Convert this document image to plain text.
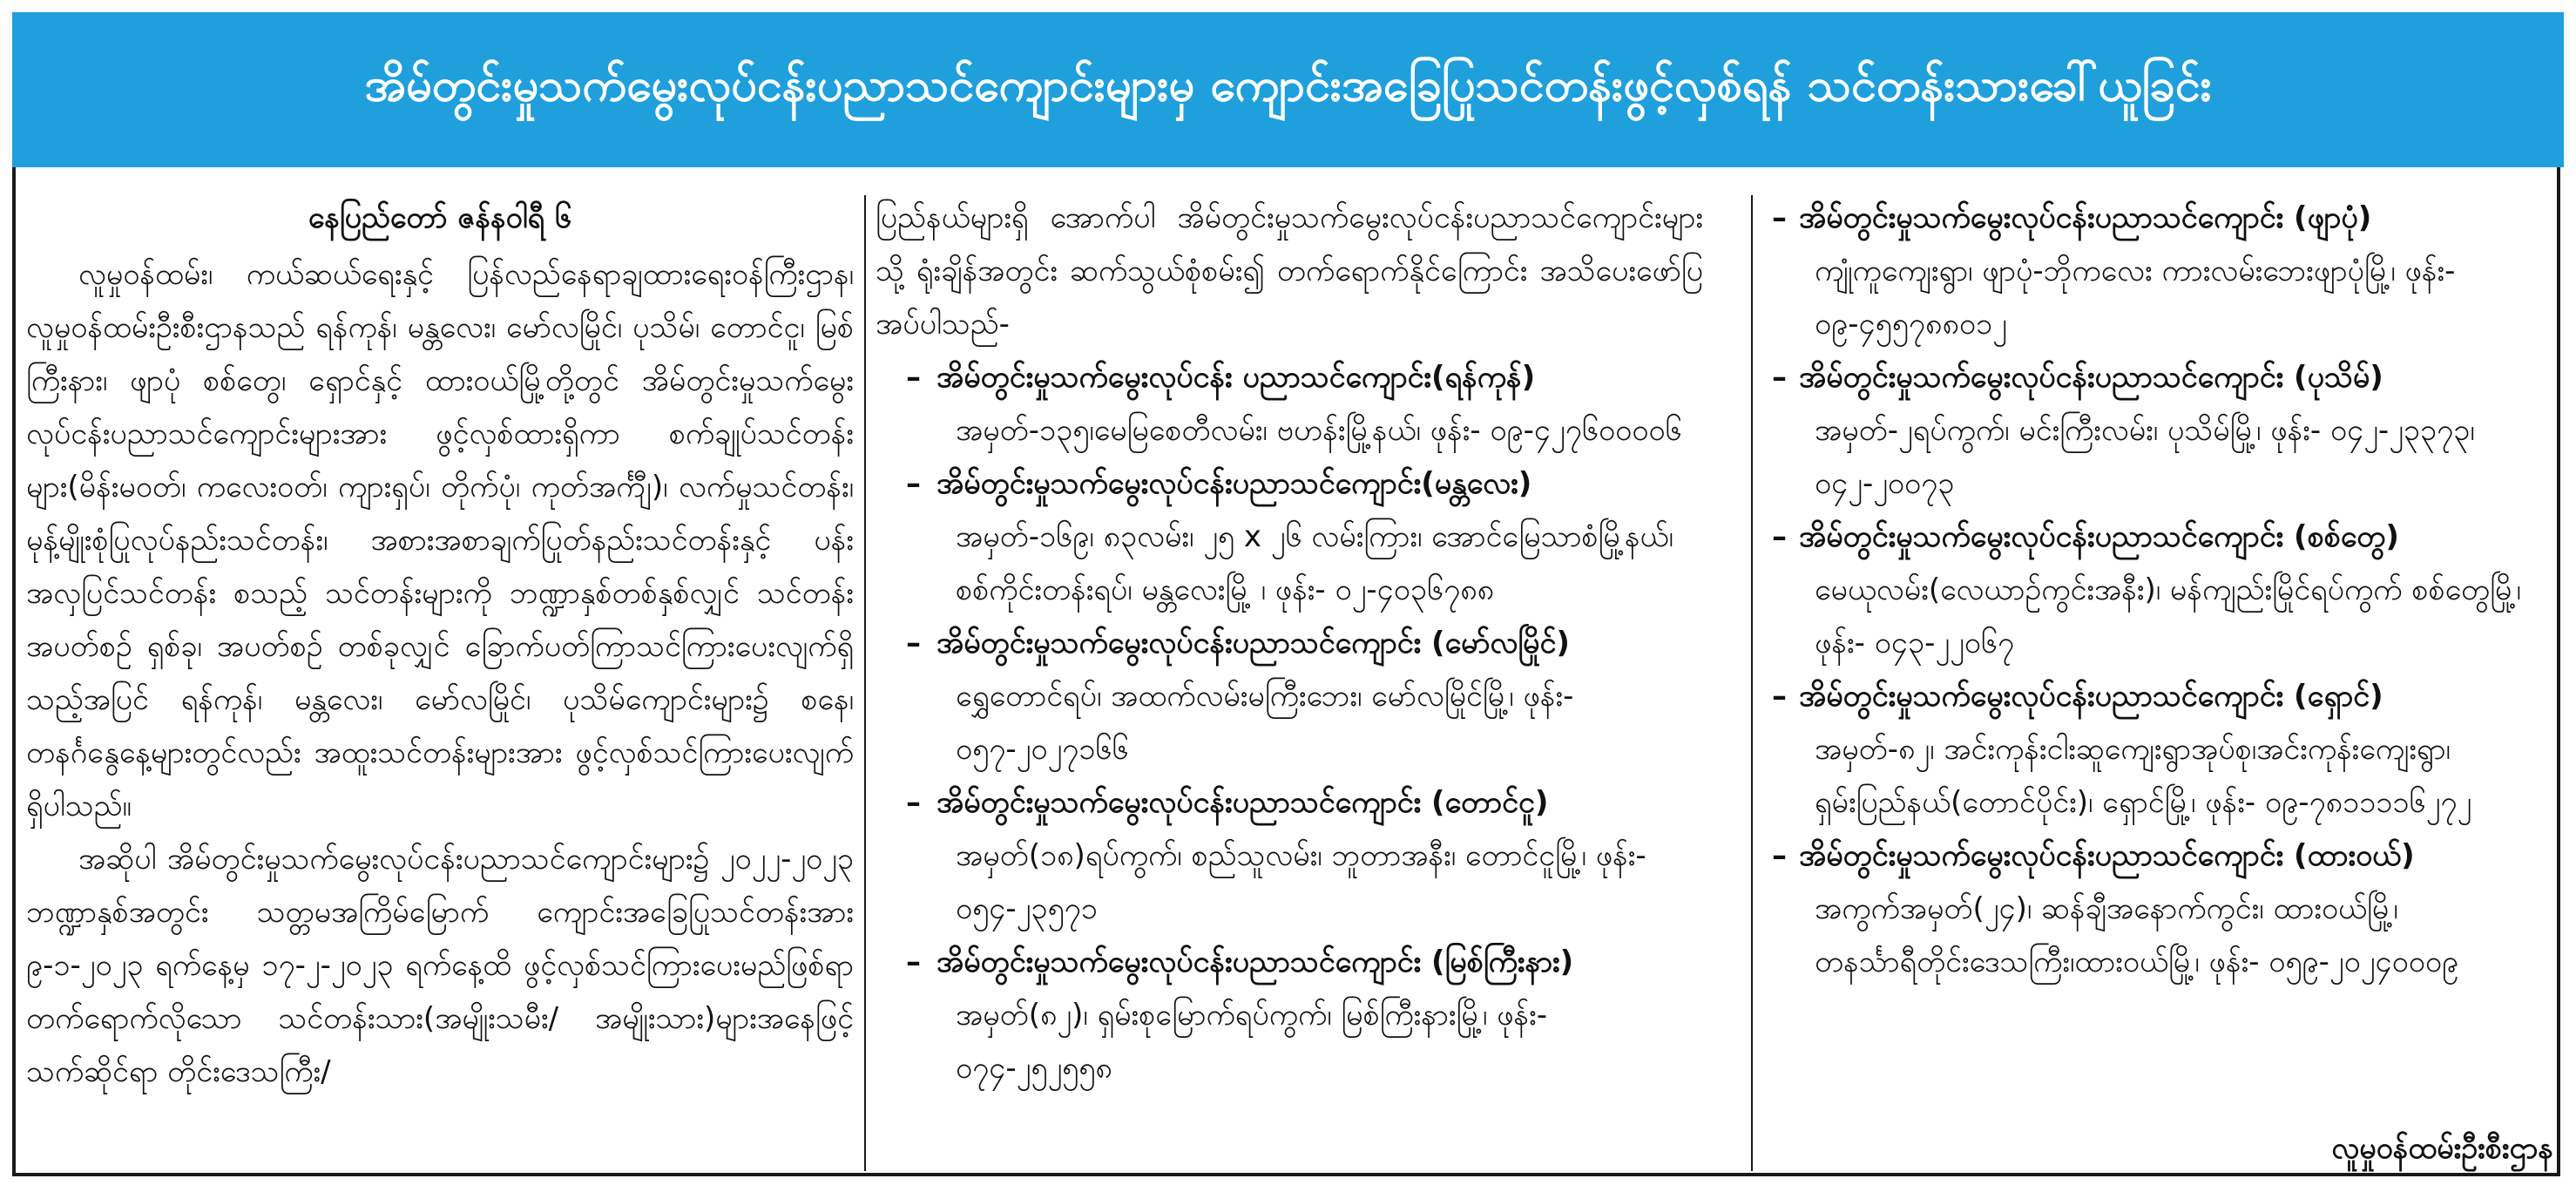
အိမ်တွင်းမှုသက်မွေးလုပ်ငန်းပညာသင်ကျောင်းများမှ ကျောင်းအခြေပြုသင်တန်းဖွင့်လှစ်ရန် သင်တန်းသားခေါ်ယူခြင်း
နေပြည်တော် ဇန်နဝါရီ ၆
လူမှုဝန်ထမ်း၊ ကယ်ဆယ်ရေးနှင့် ပြန်လည်နေရာချထားရေးဝန်ကြီးဌာန၊ လူမှုဝန်ထမ်းဦးစီးဌာနသည် ရန်ကုန်၊ မန္တလေး၊ မော်လမြိုင်၊ ပုသိမ်၊ တောင်ငူ၊ မြစ်ကြီးနား၊ ဖျာပုံ စစ်တွေ၊ ရှောင်နှင့် ထားဝယ်မြို့တို့တွင် အိမ်တွင်းမှုသက်မွေးလုပ်ငန်းပညာသင်ကျောင်းများအား ဖွင့်လှစ်ထားရှိကာ စက်ချုပ်သင်တန်းများ(မိန်းမဝတ်၊ ကလေးဝတ်၊ ကျားရှပ်၊ တိုက်ပုံ၊ ကုတ်အင်္ကျီ)၊ လက်မှုသင်တန်း၊ မုန့်မျိုးစုံပြုလုပ်နည်းသင်တန်း၊ အစားအစာချက်ပြုတ်နည်းသင်တန်းနှင့် ပန်းအလှပြင်သင်တန်း စသည့် သင်တန်းများကို ဘဏ္ဍာနှစ်တစ်နှစ်လျှင် သင်တန်းအပတ်စဉ် ရှစ်ခု၊ အပတ်စဉ် တစ်ခုလျှင် ခြောက်ပတ်ကြာသင်ကြားပေးလျက်ရှိသည့်အပြင် ရန်ကုန်၊ မန္တလေး၊ မော်လမြိုင်၊ ပုသိမ်ကျောင်းများ၌ စနေ၊ တနင်္ဂနွေနေ့များတွင်လည်း အထူးသင်တန်းများအား ဖွင့်လှစ်သင်ကြားပေးလျက်ရှိပါသည်။
အဆိုပါ အိမ်တွင်းမှုသက်မွေးလုပ်ငန်းပညာသင်ကျောင်းများ၌ ၂၀၂၂-၂၀၂၃ ဘဏ္ဍာနှစ်အတွင်း သတ္တမအကြိမ်မြောက် ကျောင်းအခြေပြုသင်တန်းအား ၉-၁-၂၀၂၃ ရက်နေ့မှ ၁၇-၂-၂၀၂၃ ရက်နေ့ထိ ဖွင့်လှစ်သင်ကြားပေးမည်ဖြစ်ရာ တက်ရောက်လိုသော သင်တန်းသား(အမျိုးသမီး/ အမျိုးသား)များအနေဖြင့် သက်ဆိုင်ရာ တိုင်းဒေသကြီး/
ပြည်နယ်များရှိ အောက်ပါ အိမ်တွင်းမှုသက်မွေးလုပ်ငန်းပညာသင်ကျောင်းများသို့ ရုံးချိန်အတွင်း ဆက်သွယ်စုံစမ်း၍ တက်ရောက်နိုင်ကြောင်း အသိပေးဖော်ပြအပ်ပါသည်-
– အိမ်တွင်းမှုသက်မွေးလုပ်ငန်း ပညာသင်ကျောင်း(ရန်ကုန်)
အမှတ်-၁၃၅၊မေမြစေတီလမ်း၊ ဗဟန်းမြို့နယ်၊ ဖုန်း- ၀၉-၄၂၇၆၀၀၀၀၆
– အိမ်တွင်းမှုသက်မွေးလုပ်ငန်းပညာသင်ကျောင်း(မန္တလေး)
အမှတ်-၁၆၉၊ ၈၃လမ်း၊ ၂၅ x ၂၆ လမ်းကြား၊ အောင်မြေသာစံမြို့နယ်၊ စစ်ကိုင်းတန်းရပ်၊ မန္တလေးမြို့ ၊ ဖုန်း- ၀၂-၄၀၃၆၇၈၈
– အိမ်တွင်းမှုသက်မွေးလုပ်ငန်းပညာသင်ကျောင်း (မော်လမြိုင်)
ရွှေတောင်ရပ်၊ အထက်လမ်းမကြီးဘေး၊ မော်လမြိုင်မြို့၊ ဖုန်း- ၀၅၇-၂၀၂၇၁၆၆
– အိမ်တွင်းမှုသက်မွေးလုပ်ငန်းပညာသင်ကျောင်း (တောင်ငူ)
အမှတ်(၁၈)ရပ်ကွက်၊ စည်သူလမ်း၊ ဘူတာအနီး၊ တောင်ငူမြို့၊ ဖုန်း- ၀၅၄-၂၃၅၇၁
– အိမ်တွင်းမှုသက်မွေးလုပ်ငန်းပညာသင်ကျောင်း (မြစ်ကြီးနား)
အမှတ်(၈၂)၊ ရှမ်းစုမြောက်ရပ်ကွက်၊ မြစ်ကြီးနားမြို့၊ ဖုန်း- ၀၇၄-၂၅၂၅၅၈
– အိမ်တွင်းမှုသက်မွေးလုပ်ငန်းပညာသင်ကျောင်း (ဖျာပုံ)
ကျုံကူကျေးရွာ၊ ဖျာပုံ-ဘိုကလေး ကားလမ်းဘေးဖျာပုံမြို့၊ ဖုန်း- ၀၉-၄၅၅၇၈၈၀၁၂
– အိမ်တွင်းမှုသက်မွေးလုပ်ငန်းပညာသင်ကျောင်း (ပုသိမ်)
အမှတ်-၂ရပ်ကွက်၊ မင်းကြီးလမ်း၊ ပုသိမ်မြို့၊ ဖုန်း- ၀၄၂-၂၃၃၇၃၊ ၀၄၂-၂၀၀၇၃
– အိမ်တွင်းမှုသက်မွေးလုပ်ငန်းပညာသင်ကျောင်း (စစ်တွေ)
မေယုလမ်း(လေယာဉ်ကွင်းအနီး)၊ မန်ကျည်းမြိုင်ရပ်ကွက် စစ်တွေမြို့၊ ဖုန်း- ၀၄၃-၂၂၀၆၇
– အိမ်တွင်းမှုသက်မွေးလုပ်ငန်းပညာသင်ကျောင်း (ရှောင်)
အမှတ်-၈၂၊ အင်းကုန်းငါးဆူကျေးရွာအုပ်စု၊အင်းကုန်းကျေးရွာ၊ ရှမ်းပြည်နယ်(တောင်ပိုင်း)၊ ရှောင်မြို့၊ ဖုန်း- ၀၉-၇၈၁၁၁၁၆၂၇၂
– အိမ်တွင်းမှုသက်မွေးလုပ်ငန်းပညာသင်ကျောင်း (ထားဝယ်)
အကွက်အမှတ်(၂၄)၊ ဆန်ချီအနောက်ကွင်း၊ ထားဝယ်မြို့၊ တနင်္သာရီတိုင်းဒေသကြီး၊ထားဝယ်မြို့၊ ဖုန်း- ၀၅၉-၂၀၂၄၀၀၀၉
လူမှုဝန်ထမ်းဦးစီးဌာန
